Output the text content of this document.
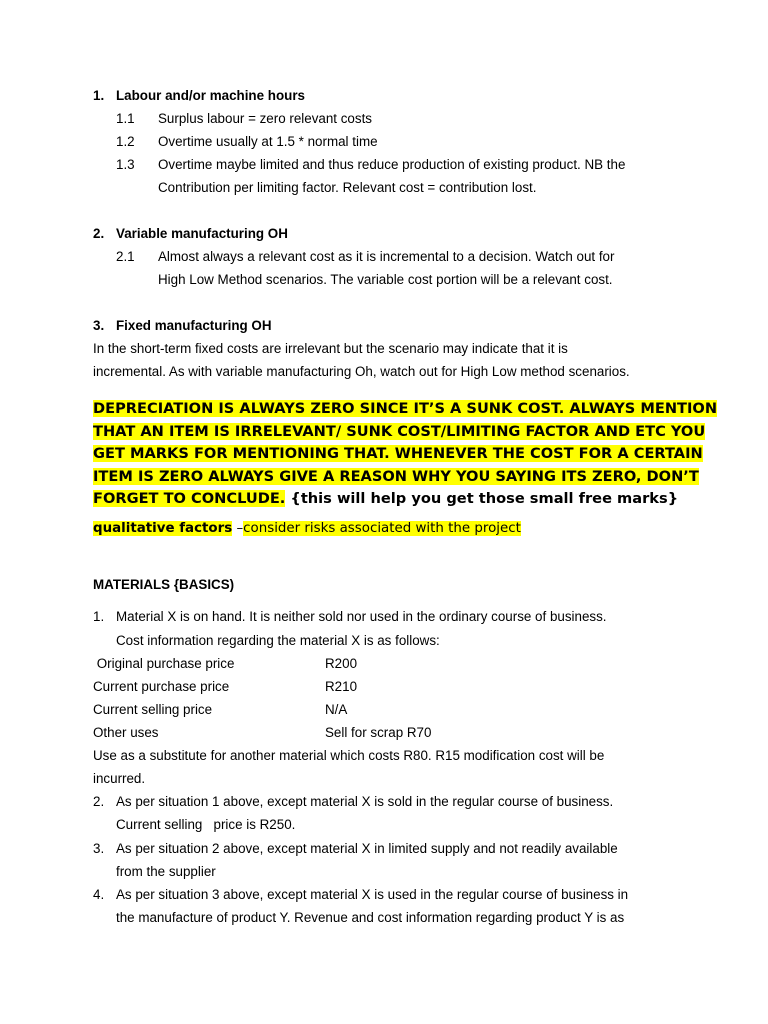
1. Labour and/or machine hours
1.1 Surplus labour = zero relevant costs
1.2 Overtime usually at 1.5 * normal time
1.3 Overtime maybe limited and thus reduce production of existing product. NB the
Contribution per limiting factor. Relevant cost = contribution lost.
2. Variable manufacturing OH
2.1 Almost always a relevant cost as it is incremental to a decision. Watch out for
High Low Method scenarios. The variable cost portion will be a relevant cost.
3. Fixed manufacturing OH
In the short-term fixed costs are irrelevant but the scenario may indicate that it is
incremental. As with variable manufacturing Oh, watch out for High Low method scenarios.
DEPRECIATION IS ALWAYS ZERO SINCE IT’S A SUNK COST. ALWAYS MENTION
THAT AN ITEM IS IRRELEVANT/ SUNK COST/LIMITING FACTOR AND ETC YOU
GET MARKS FOR MENTIONING THAT. WHENEVER THE COST FOR A CERTAIN
ITEM IS ZERO ALWAYS GIVE A REASON WHY YOU SAYING ITS ZERO, DON’T
FORGET TO CONCLUDE. {this will help you get those small free marks}
qualitative factors –consider risks associated with the project
MATERIALS {BASICS)
1. Material X is on hand. It is neither sold nor used in the ordinary course of business.
Cost information regarding the material X is as follows:
Original purchase price	R200
Current purchase price	R210
Current selling price	N/A
Other uses	Sell for scrap R70
Use as a substitute for another material which costs R80. R15 modification cost will be
incurred.
2. As per situation 1 above, except material X is sold in the regular course of business.
Current selling   price is R250.
3. As per situation 2 above, except material X in limited supply and not readily available
from the supplier
4. As per situation 3 above, except material X is used in the regular course of business in
the manufacture of product Y. Revenue and cost information regarding product Y is as
